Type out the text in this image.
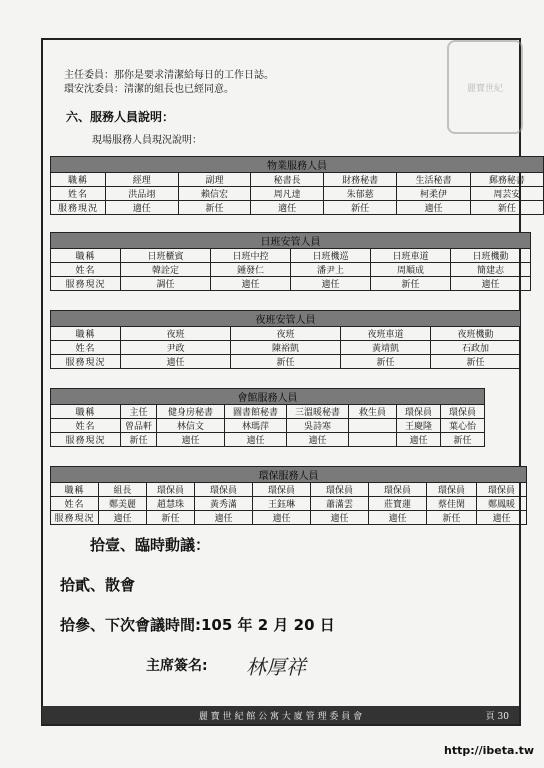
麗寶世紀
主任委員：那你是要求清潔給每日的工作日誌。
環安沈委員：清潔的組長也已經同意。
六、服務人員說明：
現場服務人員現況說明：
物業服務人員						
職稱	經理	副理	秘書長	財務秘書	生活秘書	郵務秘書
姓名	洪品翊	賴信宏	周凡達	朱郁慈	柯柔伊	周芸安
服務現況	適任	新任	適任	新任	適任	新任
日班安管人員					
職稱	日班櫃賓	日班中控	日班機巡	日班車道	日班機動
姓名	韓詮定	鍾發仁	潘尹上	周順成	簡建志
服務現況	調任	適任	適任	新任	適任
夜班安管人員				
職稱	夜班	夜班	夜班車道	夜班機動
姓名	尹政	陳裕凱	黃靖凱	石政加
服務現況	適任	新任	新任	新任
會館服務人員							
職稱	主任	健身房秘書	圖書館秘書	三溫暖秘書	救生員	環保員	環保員
姓名	曾品軒	林信文	林瑪萍	吳詩寒		王慶隆	葉心怡
服務現況	新任	適任	適任	適任		適任	新任
環保服務人員								
職稱	組長	環保員	環保員	環保員	環保員	環保員	環保員	環保員
姓名	鄭美麗	趙慧珠	黃秀滿	王鈺琳	蕭滿雲	莊寶蓮	蔡佳閑	鄭鳳暖
服務現況	適任	新任	適任	適任	適任	適任	新任	適任
拾壹、臨時動議：
拾貳、散會
拾參、下次會議時間:105 年 2 月 20 日
主席簽名: 林厚祥
麗 寶 世 紀 館 公 寓 大 廈 管 理 委 員 會	頁 30
http://ibeta.tw
